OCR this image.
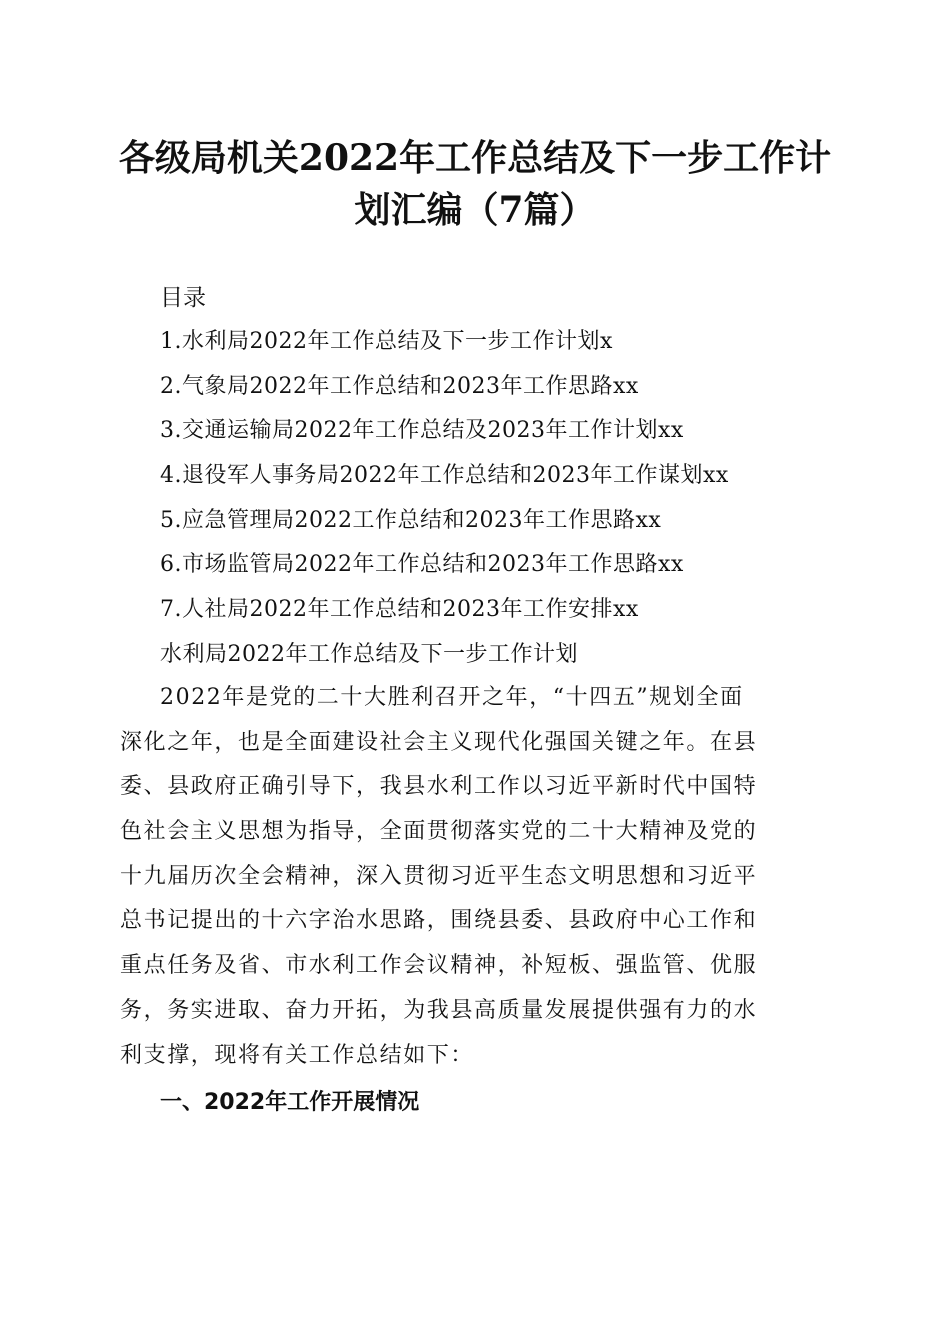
各级局机关2022年工作总结及下一步工作计
划汇编（7篇）
目录
1.水利局2022年工作总结及下一步工作计划x
2.气象局2022年工作总结和2023年工作思路xx
3.交通运输局2022年工作总结及2023年工作计划xx
4.退役军人事务局2022年工作总结和2023年工作谋划xx
5.应急管理局2022工作总结和2023年工作思路xx
6.市场监管局2022年工作总结和2023年工作思路xx
7.人社局2022年工作总结和2023年工作安排xx
水利局2022年工作总结及下一步工作计划
2022年是党的二十大胜利召开之年，“十四五”规划全面
深化之年，也是全面建设社会主义现代化强国关键之年。在县
委、县政府正确引导下，我县水利工作以习近平新时代中国特
色社会主义思想为指导，全面贯彻落实党的二十大精神及党的
十九届历次全会精神，深入贯彻习近平生态文明思想和习近平
总书记提出的十六字治水思路，围绕县委、县政府中心工作和
重点任务及省、市水利工作会议精神，补短板、强监管、优服
务，务实进取、奋力开拓，为我县高质量发展提供强有力的水
利支撑，现将有关工作总结如下：
一、2022年工作开展情况
